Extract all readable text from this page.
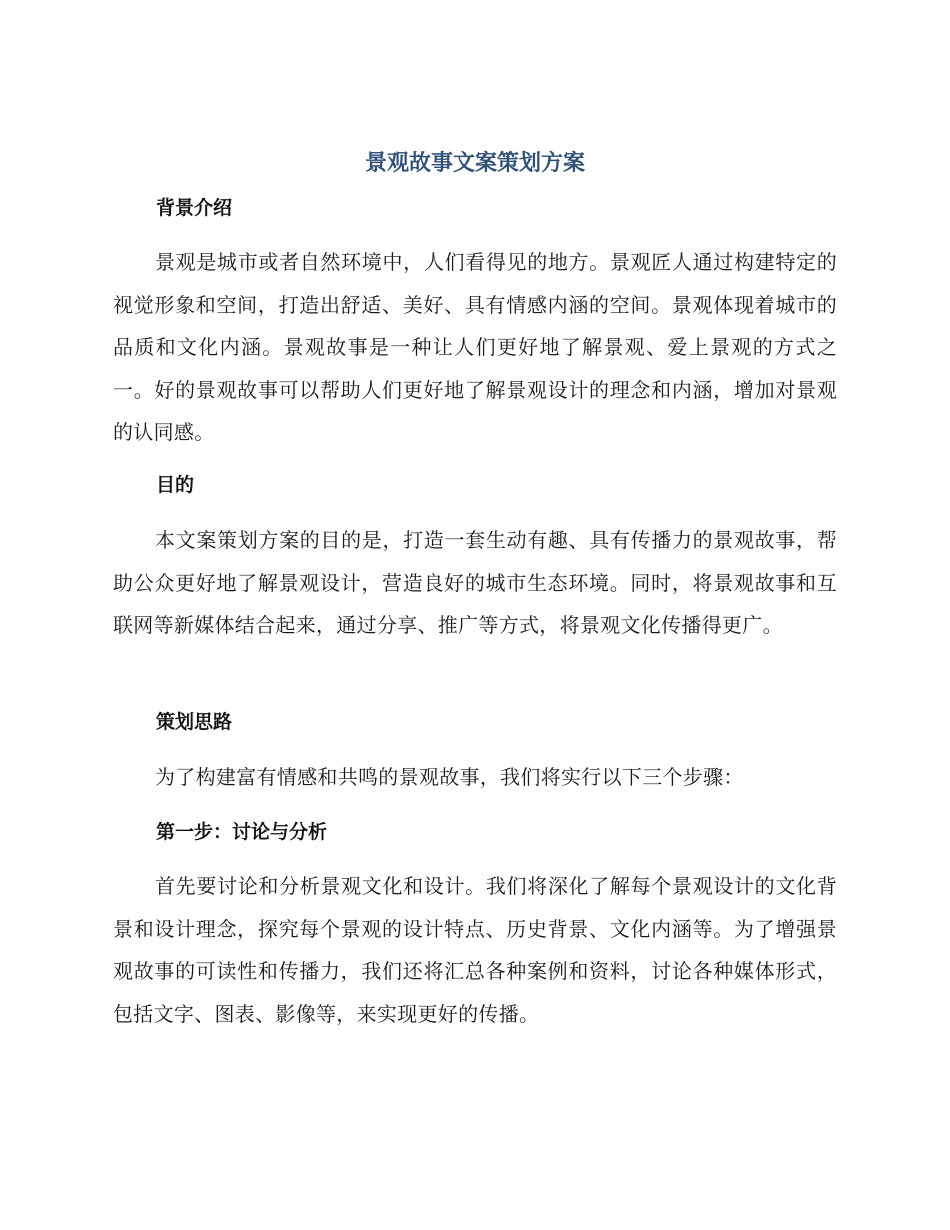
景观故事文案策划方案
背景介绍
景观是城市或者自然环境中，人们看得见的地方。景观匠人通过构建特定的视觉形象和空间，打造出舒适、美好、具有情感内涵的空间。景观体现着城市的品质和文化内涵。景观故事是一种让人们更好地了解景观、爱上景观的方式之一。好的景观故事可以帮助人们更好地了解景观设计的理念和内涵，增加对景观的认同感。
目的
本文案策划方案的目的是，打造一套生动有趣、具有传播力的景观故事，帮助公众更好地了解景观设计，营造良好的城市生态环境。同时，将景观故事和互联网等新媒体结合起来，通过分享、推广等方式，将景观文化传播得更广。
策划思路
为了构建富有情感和共鸣的景观故事，我们将实行以下三个步骤：
第一步：讨论与分析
首先要讨论和分析景观文化和设计。我们将深化了解每个景观设计的文化背景和设计理念，探究每个景观的设计特点、历史背景、文化内涵等。为了增强景观故事的可读性和传播力，我们还将汇总各种案例和资料，讨论各种媒体形式，包括文字、图表、影像等，来实现更好的传播。
